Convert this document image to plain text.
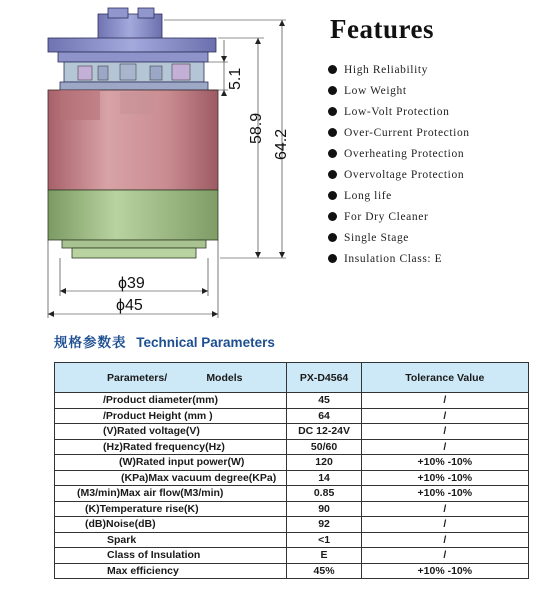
5.1
58.9
64.2
ϕ39
ϕ45
Features
High Reliability
Low Weight
Low-Volt Protection
Over-Current Protection
Overheating Protection
Overvoltage Protection
Long life
For Dry Cleaner
Single Stage
Insulation Class: E
规格参数表 Technical Parameters
Parameters/ Models	PX-D4564	Tolerance Value
/Product diameter(mm)	45	/
/Product Height (mm )	64	/
(V)Rated voltage(V)	DC 12-24V	/
(Hz)Rated frequency(Hz)	50/60	/
(W)Rated input power(W)	120	+10% -10%
(KPa)Max vacuum degree(KPa)	14	+10% -10%
(M3/min)Max air flow(M3/min)	0.85	+10% -10%
(K)Temperature rise(K)	90	/
(dB)Noise(dB)	92	/
Spark	<1	/
Class of Insulation	E	/
Max efficiency	45%	+10% -10%
